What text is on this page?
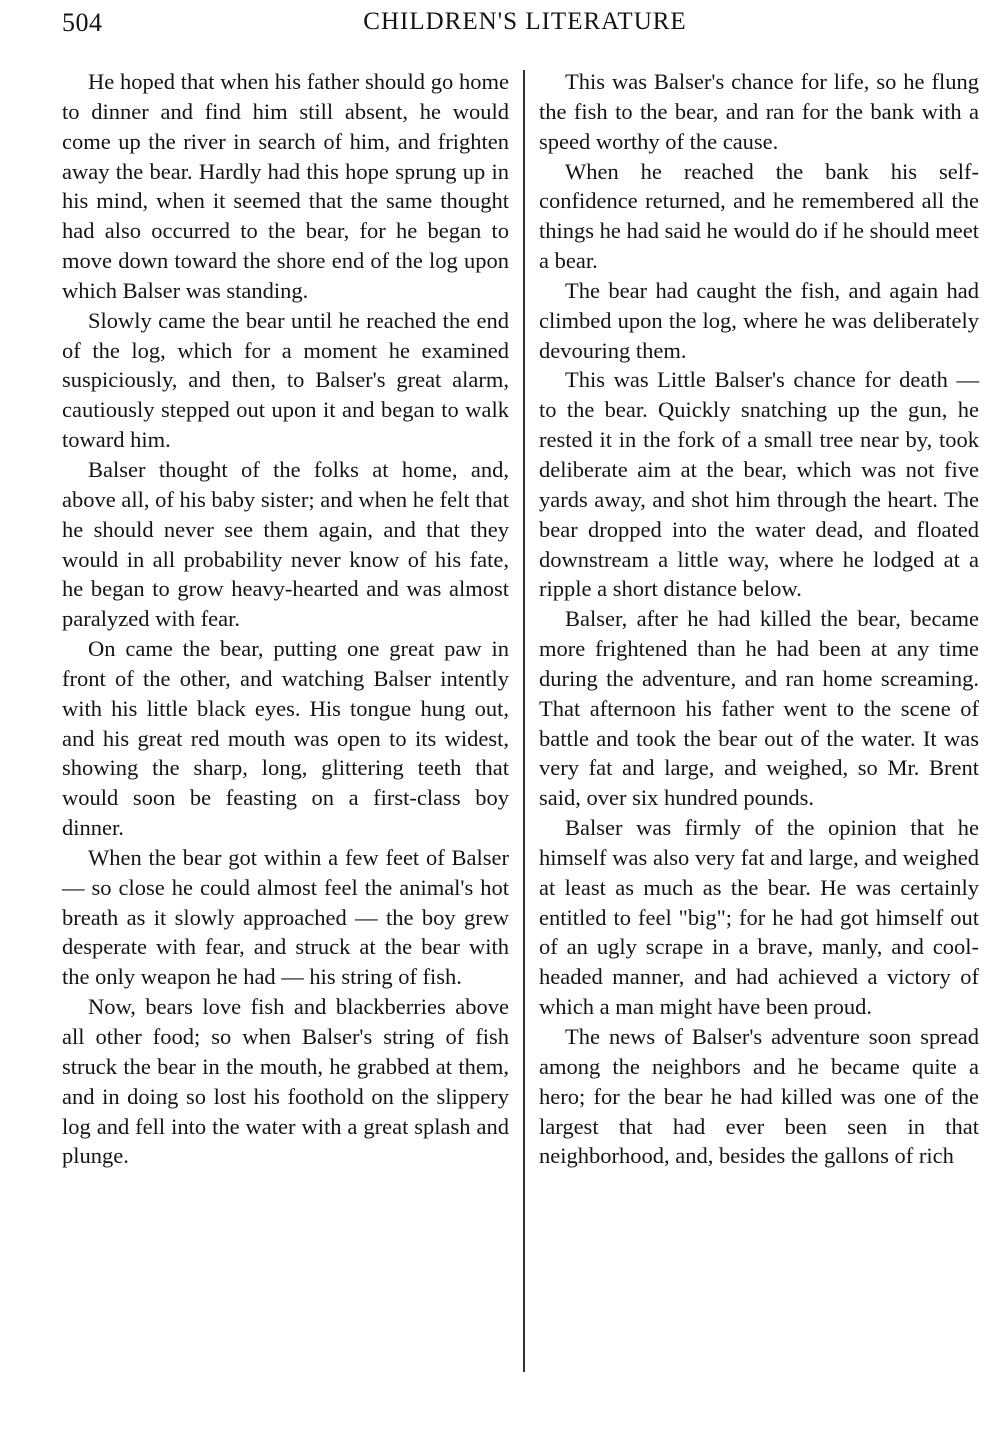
504	CHILDREN'S LITERATURE

He hoped that when his father should go home to dinner and find him still absent, he would come up the river in search of him, and frighten away the bear. Hardly had this hope sprung up in his mind, when it seemed that the same thought had also occurred to the bear, for he began to move down toward the shore end of the log upon which Balser was standing.

Slowly came the bear until he reached the end of the log, which for a moment he examined suspiciously, and then, to Balser's great alarm, cautiously stepped out upon it and began to walk toward him.

Balser thought of the folks at home, and, above all, of his baby sister; and when he felt that he should never see them again, and that they would in all probability never know of his fate, he began to grow heavy-hearted and was almost paralyzed with fear.

On came the bear, putting one great paw in front of the other, and watching Balser intently with his little black eyes. His tongue hung out, and his great red mouth was open to its widest, showing the sharp, long, glittering teeth that would soon be feasting on a first-class boy dinner.

When the bear got within a few feet of Balser — so close he could almost feel the animal's hot breath as it slowly approached — the boy grew desperate with fear, and struck at the bear with the only weapon he had — his string of fish.

Now, bears love fish and blackberries above all other food; so when Balser's string of fish struck the bear in the mouth, he grabbed at them, and in doing so lost his foothold on the slippery log and fell into the water with a great splash and plunge.

This was Balser's chance for life, so he flung the fish to the bear, and ran for the bank with a speed worthy of the cause.

When he reached the bank his self-confidence returned, and he remembered all the things he had said he would do if he should meet a bear.

The bear had caught the fish, and again had climbed upon the log, where he was deliberately devouring them.

This was Little Balser's chance for death — to the bear. Quickly snatching up the gun, he rested it in the fork of a small tree near by, took deliberate aim at the bear, which was not five yards away, and shot him through the heart. The bear dropped into the water dead, and floated downstream a little way, where he lodged at a ripple a short distance below.

Balser, after he had killed the bear, became more frightened than he had been at any time during the adventure, and ran home screaming. That afternoon his father went to the scene of battle and took the bear out of the water. It was very fat and large, and weighed, so Mr. Brent said, over six hundred pounds.

Balser was firmly of the opinion that he himself was also very fat and large, and weighed at least as much as the bear. He was certainly entitled to feel "big"; for he had got himself out of an ugly scrape in a brave, manly, and cool-headed manner, and had achieved a victory of which a man might have been proud.

The news of Balser's adventure soon spread among the neighbors and he became quite a hero; for the bear he had killed was one of the largest that had ever been seen in that neighborhood, and, besides the gallons of rich
